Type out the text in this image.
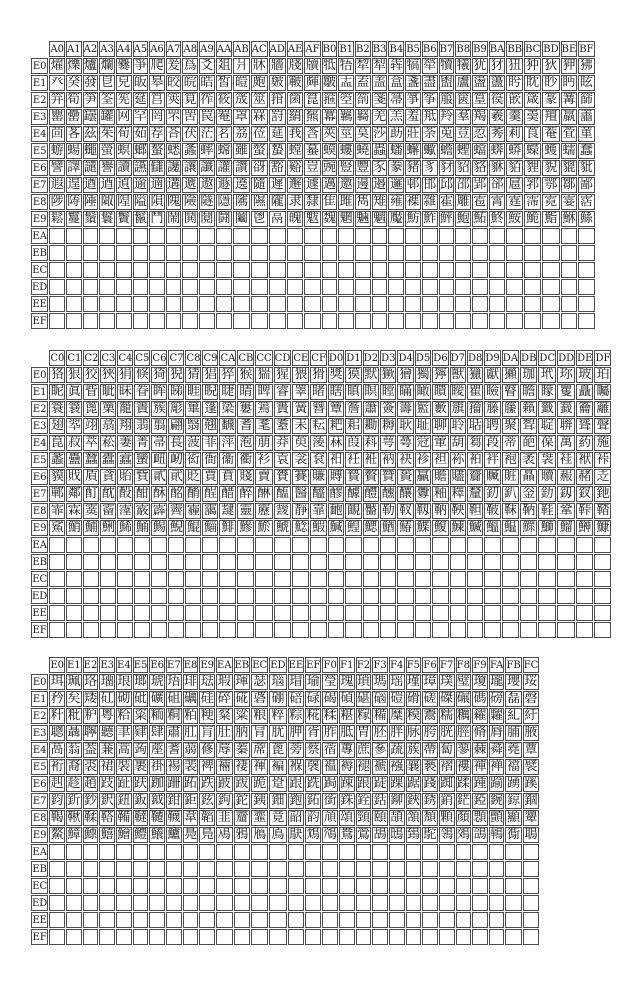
	A0	A1	A2	A3	A4	A5	A6	A7	A8	A9	AA	AB	AC	AD	AE	AF	B0	B1	B2	B3	B4	B5	B6	B7	B8	B9	BA	BB	BC	BD	BE	BF
E0	燿	爍	爐	爛	爨	爭	爬	爰	爲	爻	爼	爿	牀	牆	牋	牘	牴	牾	犂	犁	犇	犒	犖	犢	犧	犹	犲	狃	狆	狄	狎	狒
E1	癶	癸	發	皀	皃	皈	皋	皎	皖	皓	皙	皚	皰	皴	皸	皹	皺	盂	盍	盖	盒	盞	盡	盥	盧	盪	蘯	盻	眈	眇	眄	眩
E2	笄	筍	笋	筌	筅	筵	筥	筴	筧	筰	筱	筬	筮	箝	箘	箟	箍	箜	箚	箋	箒	箏	筝	箙	篋	篁	篌	篏	箴	篆	篝	篩
E3	罌	罍	罎	罐	网	罕	罔	罘	罟	罠	罨	罩	罧	罸	羂	羆	羃	羈	羇	羌	羔	羞	羝	羚	羣	羯	羲	羹	羮	羶	羸	譱
E4	茴	茖	茲	茱	荀	茹	荐	荅	茯	茫	茗	茘	莅	莚	莪	莟	莢	莖	茣	莎	莇	莊	荼	莵	荳	荵	莠	莉	莨	菴	萓	菫
E5	蝣	蝪	蠅	螢	螟	螂	螯	蟋	螽	蟀	蟐	雖	螫	蟄	螳	蟇	蟆	螻	蟯	蟲	蟠	蠏	蠍	蟾	蟶	蟷	蠎	蟒	蠑	蠖	蠕	蠢
E6	譬	譯	譴	譽	讀	讌	讎	讒	讓	讖	讙	讚	谺	豁	谿	豈	豌	豎	豐	豕	豢	豬	豸	豺	貂	貉	貅	貊	貍	貎	貔	豼
E7	遐	遑	遒	逎	遉	逾	遖	遘	遞	遨	遯	遶	隨	遲	邂	遽	邁	邀	邊	邉	邏	邨	邯	邱	邵	郢	郤	扈	郛	鄂	鄒	鄙
E8	陟	陦	陲	陬	隍	隘	隕	隗	險	隧	隱	隲	隰	隴	隶	隸	隹	雎	雋	雉	雍	襍	雜	霍	雕	雹	霄	霆	霈	霓	霎	霑
E9	鬆	鬘	鬚	鬟	鬢	鬣	鬥	鬧	鬨	鬩	鬪	鬮	鬯	鬲	魄	魃	魏	魍	魎	魑	魘	魴	鮓	鮃	鮑	鮖	鮗	鮟	鮠	鮨	鮴	鯀
EA																																
EB																																
EC																																
ED																																
EE																																
EF																																
	C0	C1	C2	C3	C4	C5	C6	C7	C8	C9	CA	CB	CC	CD	CE	CF	D0	D1	D2	D3	D4	D5	D6	D7	D8	D9	DA	DB	DC	DD	DE	DF
E0	狢	狠	狡	狹	狷	倏	猗	猊	猜	猖	猝	猴	猯	猩	猥	猾	獎	獏	默	獗	獪	獨	獰	獸	獵	獻	獺	珈	玳	珎	玻	珀
E1	眤	眞	眥	眦	眛	眷	眸	睇	睚	睨	睫	睛	睥	睿	睾	睹	瞎	瞋	瞑	瞠	瞞	瞰	瞶	瞹	瞿	瞼	瞽	瞻	矇	矍	矗	矚
E2	簑	簔	篦	篥	籠	簀	簇	簓	篳	篷	簗	簍	篶	簣	簧	簪	簟	簷	簫	簽	籌	籃	籔	籏	籀	籐	籘	籟	籤	籖	籥	籬
E3	翅	翆	翊	翕	翔	翡	翦	翩	翳	翹	飜	耆	耄	耋	耒	耘	耙	耜	耡	耨	耿	耻	聊	聆	聒	聘	聚	聟	聢	聨	聳	聲
E4	菎	菽	萃	菘	萋	菁	菷	萇	菠	菲	萍	萢	萠	莽	萸	蔆	菻	葭	萪	萼	蕚	蒄	葷	葫	蒭	葮	蒂	葩	葆	萬	葯	葹
E5	蠡	蠱	蠶	蠹	蠧	蠻	衄	衂	衒	衙	衞	衢	衫	袁	衾	袞	衵	衽	袵	衲	袂	袗	袒	袮	袙	袢	袍	袤	袰	袿	袱	裃
E6	貘	戝	貭	貪	貽	貲	貳	貮	貶	賈	賁	賤	賣	賚	賽	賺	賻	贄	贅	贊	贇	贏	贍	贐	齎	贓	賍	贔	贖	赧	赭	赱
E7	鄲	鄰	酊	酖	酘	酣	酥	酩	酳	酲	醋	醉	醂	醢	醫	醯	醪	醵	醴	醺	釀	釁	釉	釋	釐	釖	釟	釡	釛	釼	釵	釶
E8	霏	霖	霙	霤	霪	霰	霹	霽	霾	靄	靆	靈	靂	靉	靜	靠	靤	靦	靨	勒	靫	靱	靹	鞅	靼	鞁	靺	鞆	鞋	鞏	鞐	鞜
E9	鯊	鮹	鯆	鯏	鯑	鯒	鯣	鯢	鯤	鯔	鯡	鰺	鯲	鯱	鯰	鰕	鰔	鰉	鰓	鰌	鰆	鰈	鰒	鰊	鰄	鰮	鰛	鰥	鰤	鰡	鰰	鱇
EA																																
EB																																
EC																																
ED																																
EE																																
EF																																
	E0	E1	E2	E3	E4	E5	E6	E7	E8	E9	EA	EB	EC	ED	EE	EF	F0	F1	F2	F3	F4	F5	F6	F7	F8	F9	FA	FB	FC
E0	珥	珮	珞	璢	琅	瑯	琥	珸	琲	琺	瑕	琿	瑟	瑙	瑁	瑜	瑩	瑰	瑣	瑪	瑶	瑾	璋	璞	璧	瓊	瓏	瓔	珱
E1	矜	矣	矮	矼	砌	砒	礦	砠	礪	硅	碎	硴	碆	硼	碚	碌	碣	碵	碪	碯	磑	磆	磋	磔	碾	碼	磅	磊	磬
E2	籵	粃	粐	粤	粭	粢	粫	粡	粨	粳	粲	粱	粮	粹	粽	糀	糅	糂	糘	糒	糜	糢	鬻	糯	糲	糴	糶	糺	紆
E3	聰	聶	聹	聽	聿	肄	肆	肅	肛	肓	肚	肭	冐	肬	胛	胥	胙	胝	胄	胚	胖	脉	胯	胱	脛	脩	脣	脯	腋
E4	萵	蓊	葢	蒹	蒿	蒟	蓙	蓍	蒻	蓚	蓐	蓁	蓆	蓖	蒡	蔡	蓿	蓴	蔗	蔘	蔬	蔟	蔕	蔔	蓼	蕀	蕣	蕘	蕈
E5	裄	裔	裘	裙	裝	裹	褂	裼	裴	裨	裲	褄	褌	褊	褓	襃	褞	褥	褪	褫	襁	襄	褻	褶	褸	襌	褝	襠	襞
E6	赳	趁	趙	跂	趾	趺	跏	跚	跖	跌	跛	跋	跪	跫	跟	跣	跼	踈	踉	跿	踝	踞	踐	踟	蹂	踵	踰	踴	蹊
E7	鈞	釿	鈔	鈬	鈕	鈑	鉞	鉗	鉅	鉉	鉤	鉈	銕	鈿	鉋	鉐	銜	銖	銓	銛	鉚	鋏	銹	銷	鋩	錏	鋺	鍄	錮
E8	鞨	鞦	鞣	鞳	鞴	韃	韆	韈	韋	韜	韭	齏	韲	竟	韶	韵	頏	頌	頸	頤	頡	頷	頽	顆	顏	顋	顫	顯	顰
E9	鰲	鱆	鰾	鱚	鱠	鱧	鱶	鱸	鳧	鳬	鳰	鴉	鴈	鳫	鴃	鴆	鴪	鴦	鶯	鴣	鴟	鵄	鴕	鴒	鵁	鴿	鴾	鵆	鵈
EA																													
EB																													
EC																													
ED																													
EE																													
EF																													
